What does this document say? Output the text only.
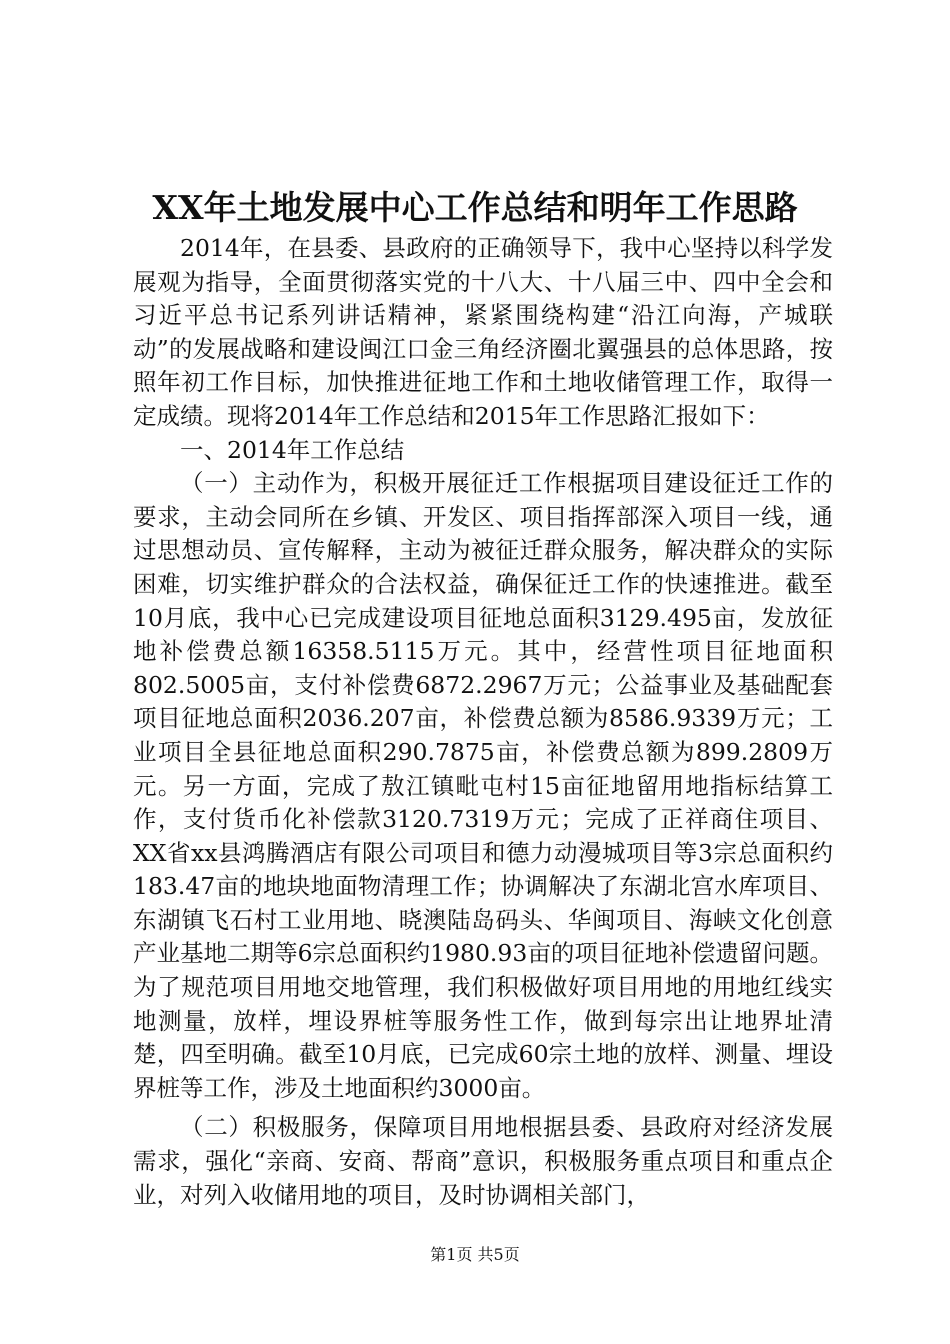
XX年土地发展中心工作总结和明年工作思路

2014年，在县委、县政府的正确领导下，我中心坚持以科学发展观为指导，全面贯彻落实党的十八大、十八届三中、四中全会和习近平总书记系列讲话精神，紧紧围绕构建“沿江向海，产城联动”的发展战略和建设闽江口金三角经济圈北翼强县的总体思路，按照年初工作目标，加快推进征地工作和土地收储管理工作，取得一定成绩。现将2014年工作总结和2015年工作思路汇报如下：

一、2014年工作总结

（一）主动作为，积极开展征迁工作根据项目建设征迁工作的要求，主动会同所在乡镇、开发区、项目指挥部深入项目一线，通过思想动员、宣传解释，主动为被征迁群众服务，解决群众的实际困难，切实维护群众的合法权益，确保征迁工作的快速推进。截至10月底，我中心已完成建设项目征地总面积3129.495亩，发放征地补偿费总额16358.5115万元。其中，经营性项目征地面积802.5005亩，支付补偿费6872.2967万元；公益事业及基础配套项目征地总面积2036.207亩，补偿费总额为8586.9339万元；工业项目全县征地总面积290.7875亩，补偿费总额为899.2809万元。另一方面，完成了敖江镇毗屯村15亩征地留用地指标结算工作，支付货币化补偿款3120.7319万元；完成了正祥商住项目、XX省xx县鸿腾酒店有限公司项目和德力动漫城项目等3宗总面积约183.47亩的地块地面物清理工作；协调解决了东湖北宫水库项目、东湖镇飞石村工业用地、晓澳陆岛码头、华闽项目、海峡文化创意产业基地二期等6宗总面积约1980.93亩的项目征地补偿遗留问题。为了规范项目用地交地管理，我们积极做好项目用地的用地红线实地测量，放样，埋设界桩等服务性工作，做到每宗出让地界址清楚，四至明确。截至10月底，已完成60宗土地的放样、测量、埋设界桩等工作，涉及土地面积约3000亩。

（二）积极服务，保障项目用地根据县委、县政府对经济发展需求，强化“亲商、安商、帮商”意识，积极服务重点项目和重点企业，对列入收储用地的项目，及时协调相关部门，

第1页 共5页
